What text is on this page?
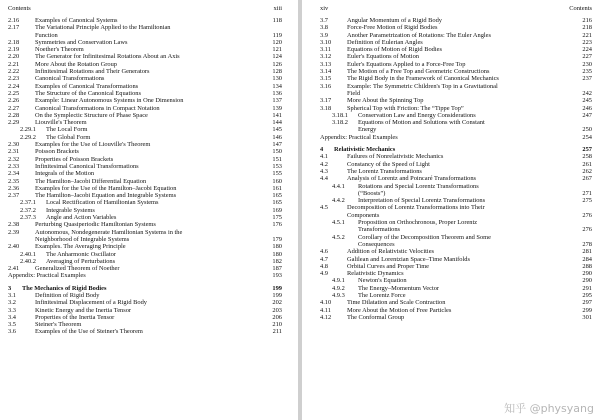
Contents	xiii
2.16	Examples of Canonical Systems	118
2.17	The Variational Principle Applied to the Hamiltonian
Function	119
2.18	Symmetries and Conservation Laws	120
2.19	Noether's Theorem	121
2.20	The Generator for Infinitesimal Rotations About an Axis	124
2.21	More About the Rotation Group	126
2.22	Infinitesimal Rotations and Their Generators	128
2.23	Canonical Transformations	130
2.24	Examples of Canonical Transformations	134
2.25	The Structure of the Canonical Equations	136
2.26	Example: Linear Autonomous Systems in One Dimension	137
2.27	Canonical Transformations in Compact Notation	139
2.28	On the Symplectic Structure of Phase Space	141
2.29	Liouville's Theorem	144
2.29.1	The Local Form	145
2.29.2	The Global Form	146
2.30	Examples for the Use of Liouville's Theorem	147
2.31	Poisson Brackets	150
2.32	Properties of Poisson Brackets	151
2.33	Infinitesimal Canonical Transformations	153
2.34	Integrals of the Motion	155
2.35	The Hamilton–Jacobi Differential Equation	160
2.36	Examples for the Use of the Hamilton–Jacobi Equation	161
2.37	The Hamilton–Jacobi Equation and Integrable Systems	165
2.37.1	Local Rectification of Hamiltonian Systems	165
2.37.2	Integrable Systems	169
2.37.3	Angle and Action Variables	175
2.38	Perturbing Quasiperiodic Hamiltonian Systems	176
2.39	Autonomous, Nondegenerate Hamiltonian Systems in the
Neighborhood of Integrable Systems	179
2.40	Examples. The Averaging Principle	180
2.40.1	The Anharmonic Oscillator	180
2.40.2	Averaging of Perturbations	182
2.41	Generalized Theorem of Noether	187
Appendix: Practical Examples	193
3	The Mechanics of Rigid Bodies	199
3.1	Definition of Rigid Body	199
3.2	Infinitesimal Displacement of a Rigid Body	202
3.3	Kinetic Energy and the Inertia Tensor	203
3.4	Properties of the Inertia Tensor	206
3.5	Steiner's Theorem	210
3.6	Examples of the Use of Steiner's Theorem	211
xiv	Contents
3.7	Angular Momentum of a Rigid Body	216
3.8	Force-Free Motion of Rigid Bodies	218
3.9	Another Parametrization of Rotations: The Euler Angles	221
3.10	Definition of Eulerian Angles	223
3.11	Equations of Motion of Rigid Bodies	224
3.12	Euler's Equations of Motion	227
3.13	Euler's Equations Applied to a Force-Free Top	230
3.14	The Motion of a Free Top and Geometric Constructions	235
3.15	The Rigid Body in the Framework of Canonical Mechanics	237
3.16	Example: The Symmetric Children's Top in a Gravitational
Field	242
3.17	More About the Spinning Top	245
3.18	Spherical Top with Friction: The “Tippe Top”	246
3.18.1	Conservation Law and Energy Considerations	247
3.18.2	Equations of Motion and Solutions with Constant
Energy	250
Appendix: Practical Examples	254
4	Relativistic Mechanics	257
4.1	Failures of Nonrelativistic Mechanics	258
4.2	Constancy of the Speed of Light	261
4.3	The Lorentz Transformations	262
4.4	Analysis of Lorentz and Poincaré Transformations	267
4.4.1	Rotations and Special Lorentz Transformations
(“Boosts”)	271
4.4.2	Interpretation of Special Lorentz Transformations	275
4.5	Decomposition of Lorentz Transformations into Their
Components	276
4.5.1	Proposition on Orthochronous, Proper Lorentz
Transformations	276
4.5.2	Corollary of the Decomposition Theorem and Some
Consequences	278
4.6	Addition of Relativistic Velocities	281
4.7	Galilean and Lorentzian Space–Time Manifolds	284
4.8	Orbital Curves and Proper Time	288
4.9	Relativistic Dynamics	290
4.9.1	Newton's Equation	290
4.9.2	The Energy–Momentum Vector	291
4.9.3	The Lorentz Force	295
4.10	Time Dilatation and Scale Contraction	297
4.11	More About the Motion of Free Particles	299
4.12	The Conformal Group	301
知乎 @physyang
